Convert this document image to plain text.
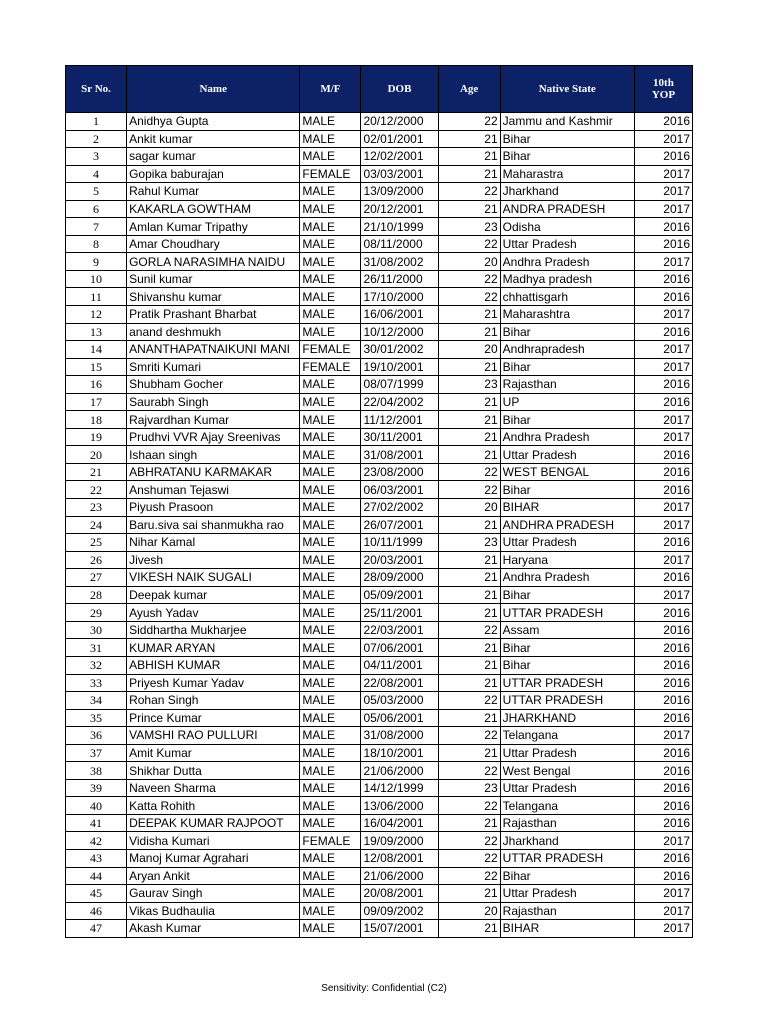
Sr No.	Name	M/F	DOB	Age	Native State	10th YOP
1	Anidhya Gupta	MALE	20/12/2000	22	Jammu and Kashmir	2016
2	Ankit kumar	MALE	02/01/2001	21	Bihar	2017
3	sagar kumar	MALE	12/02/2001	21	Bihar	2016
4	Gopika baburajan	FEMALE	03/03/2001	21	Maharastra	2017
5	Rahul Kumar	MALE	13/09/2000	22	Jharkhand	2017
6	KAKARLA GOWTHAM	MALE	20/12/2001	21	ANDRA PRADESH	2017
7	Amlan Kumar Tripathy	MALE	21/10/1999	23	Odisha	2016
8	Amar Choudhary	MALE	08/11/2000	22	Uttar Pradesh	2016
9	GORLA NARASIMHA NAIDU	MALE	31/08/2002	20	Andhra Pradesh	2017
10	Sunil kumar	MALE	26/11/2000	22	Madhya pradesh	2016
11	Shivanshu kumar	MALE	17/10/2000	22	chhattisgarh	2016
12	Pratik Prashant Bharbat	MALE	16/06/2001	21	Maharashtra	2017
13	anand deshmukh	MALE	10/12/2000	21	Bihar	2016
14	ANANTHAPATNAIKUNI MANI	FEMALE	30/01/2002	20	Andhrapradesh	2017
15	Smriti Kumari	FEMALE	19/10/2001	21	Bihar	2017
16	Shubham Gocher	MALE	08/07/1999	23	Rajasthan	2016
17	Saurabh Singh	MALE	22/04/2002	21	UP	2016
18	Rajvardhan Kumar	MALE	11/12/2001	21	Bihar	2017
19	Prudhvi VVR Ajay Sreenivas	MALE	30/11/2001	21	Andhra Pradesh	2017
20	Ishaan singh	MALE	31/08/2001	21	Uttar Pradesh	2016
21	ABHRATANU KARMAKAR	MALE	23/08/2000	22	WEST BENGAL	2016
22	Anshuman Tejaswi	MALE	06/03/2001	22	Bihar	2016
23	Piyush Prasoon	MALE	27/02/2002	20	BIHAR	2017
24	Baru.siva sai shanmukha rao	MALE	26/07/2001	21	ANDHRA PRADESH	2017
25	Nihar Kamal	MALE	10/11/1999	23	Uttar Pradesh	2016
26	Jivesh	MALE	20/03/2001	21	Haryana	2017
27	VIKESH NAIK SUGALI	MALE	28/09/2000	21	Andhra Pradesh	2016
28	Deepak kumar	MALE	05/09/2001	21	Bihar	2017
29	Ayush Yadav	MALE	25/11/2001	21	UTTAR PRADESH	2016
30	Siddhartha Mukharjee	MALE	22/03/2001	22	Assam	2016
31	KUMAR ARYAN	MALE	07/06/2001	21	Bihar	2016
32	ABHISH KUMAR	MALE	04/11/2001	21	Bihar	2016
33	Priyesh Kumar Yadav	MALE	22/08/2001	21	UTTAR PRADESH	2016
34	Rohan Singh	MALE	05/03/2000	22	UTTAR PRADESH	2016
35	Prince Kumar	MALE	05/06/2001	21	JHARKHAND	2016
36	VAMSHI RAO PULLURI	MALE	31/08/2000	22	Telangana	2017
37	Amit Kumar	MALE	18/10/2001	21	Uttar Pradesh	2016
38	Shikhar Dutta	MALE	21/06/2000	22	West Bengal	2016
39	Naveen Sharma	MALE	14/12/1999	23	Uttar Pradesh	2016
40	Katta Rohith	MALE	13/06/2000	22	Telangana	2016
41	DEEPAK KUMAR RAJPOOT	MALE	16/04/2001	21	Rajasthan	2016
42	Vidisha Kumari	FEMALE	19/09/2000	22	Jharkhand	2017
43	Manoj Kumar Agrahari	MALE	12/08/2001	22	UTTAR PRADESH	2016
44	Aryan Ankit	MALE	21/06/2000	22	Bihar	2016
45	Gaurav Singh	MALE	20/08/2001	21	Uttar Pradesh	2017
46	Vikas Budhaulia	MALE	09/09/2002	20	Rajasthan	2017
47	Akash Kumar	MALE	15/07/2001	21	BIHAR	2017
Sensitivity: Confidential (C2)
